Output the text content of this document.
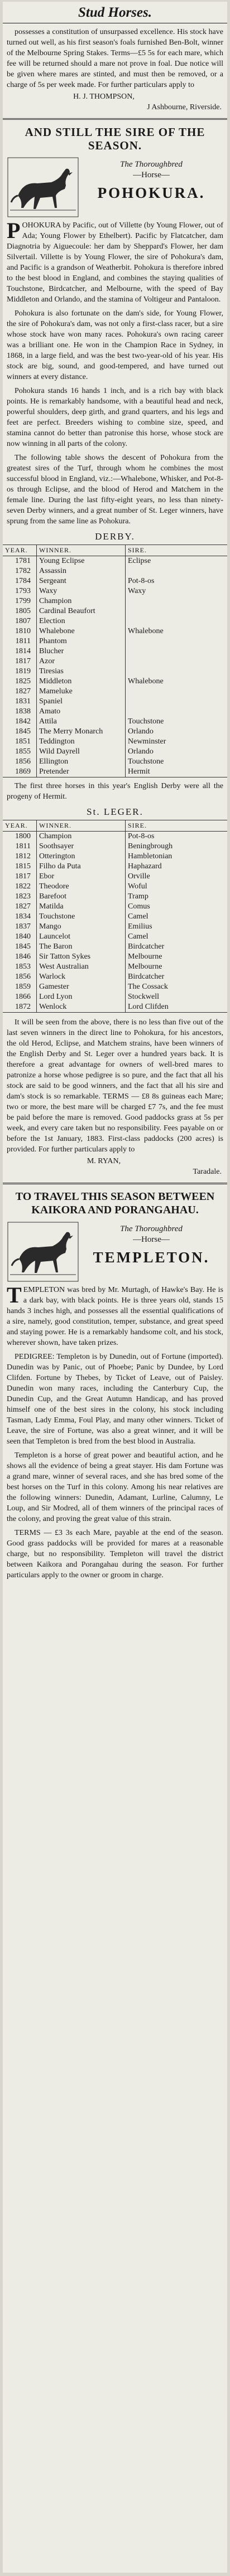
Stud Horses.

possesses a constitution of unsurpassed excellence. His stock have turned out well, as his first season's foals furnished Ben-Bolt, winner of the Melbourne Spring Stakes. Terms—£5 5s for each mare, which fee will be returned should a mare not prove in foal. Due notice will be given where mares are stinted, and must then be removed, or a charge of 5s per week made. For further particulars apply to

H. J. THOMPSON,
J Ashbourne, Riverside.
AND STILL THE SIRE OF THE SEASON.
The Thoroughbred
—Horse—
POHOKURA.
P OHOKURA by Pacific, out of Villette (by Young Flower, out of Ada; Young Flower by Ethelbert). Pacific by Flatcatcher, dam Diagnotria by Aiguecoule: her dam by Sheppard's Flower, her dam Silvertail. Villette is by Young Flower, the sire of Pohokura's dam, and Pacific is a grandson of Weatherbit. Pohokura is therefore inbred to the best blood in England, and combines the staying qualities of Touchstone, Birdcatcher, and Melbourne, with the speed of Bay Middleton and Orlando, and the stamina of Voltigeur and Pantaloon.

Pohokura is also fortunate on the dam's side, for Young Flower, the sire of Pohokura's dam, was not only a first-class racer, but a sire whose stock have won many races. Pohokura's own racing career was a brilliant one. He won in the Champion Race in Sydney, in 1868, in a large field, and was the best two-year-old of his year. His stock are big, sound, and good-tempered, and have turned out winners at every distance.

Pohokura stands 16 hands 1 inch, and is a rich bay with black points. He is remarkably handsome, with a beautiful head and neck, powerful shoulders, deep girth, and grand quarters, and his legs and feet are perfect. Breeders wishing to combine size, speed, and stamina cannot do better than patronise this horse, whose stock are now winning in all parts of the colony.

The following table shows the descent of Pohokura from the greatest sires of the Turf, through whom he combines the most successful blood in England, viz.:—Whalebone, Whisker, and Pot-8-os through Eclipse, and the blood of Herod and Matchem in the female line. During the last fifty-eight years, no less than ninety-seven Derby winners, and a great number of St. Leger winners, have sprung from the same line as Pohokura.

DERBY.
YEAR.	WINNER.	SIRE.
1781	Young Eclipse	Eclipse
1782	Assassin	
1784	Sergeant	Pot-8-os
1793	Waxy	Waxy
1799	Champion	
1805	Cardinal Beaufort	
1807	Election	
1810	Whalebone	Whalebone
1811	Phantom	
1814	Blucher	
1817	Azor	
1819	Tiresias	
1825	Middleton	Whalebone
1827	Mameluke	
1831	Spaniel	
1838	Amato	
1842	Attila	Touchstone
1845	The Merry Monarch	Orlando
1851	Teddington	Newminster
1855	Wild Dayrell	Orlando
1856	Ellington	Touchstone
1869	Pretender	Hermit

The first three horses in this year's English Derby were all the progeny of Hermit.

St. LEGER.
YEAR.	WINNER.	SIRE.
1800	Champion	Pot-8-os
1811	Soothsayer	Beningbrough
1812	Otterington	Hambletonian
1815	Filho da Puta	Haphazard
1817	Ebor	Orville
1822	Theodore	Woful
1823	Barefoot	Tramp
1827	Matilda	Comus
1834	Touchstone	Camel
1837	Mango	Emilius
1840	Launcelot	Camel
1845	The Baron	Birdcatcher
1846	Sir Tatton Sykes	Melbourne
1853	West Australian	Melbourne
1856	Warlock	Birdcatcher
1859	Gamester	The Cossack
1866	Lord Lyon	Stockwell
1872	Wenlock	Lord Clifden

It will be seen from the above, there is no less than five out of the last seven winners in the direct line to Pohokura, for his ancestors, the old Herod, Eclipse, and Matchem strains, have been winners of the English Derby and St. Leger over a hundred years back. It is therefore a great advantage for owners of well-bred mares to patronize a horse whose pedigree is so pure, and the fact that all his stock are said to be good winners, and the fact that all his sire and dam's stock is so remarkable. TERMS — £8 8s guineas each Mare; two or more, the best mare will be charged £7 7s, and the fee must be paid before the mare is removed. Good paddocks grass at 5s per week, and every care taken but no responsibility. Fees payable on or before the 1st January, 1883. First-class paddocks (200 acres) is provided. For further particulars apply to

M. RYAN,
Taradale.
TO TRAVEL THIS SEASON BETWEEN KAIKORA AND PORANGAHAU.
The Thoroughbred
—Horse—
TEMPLETON.
T EMPLETON was bred by Mr. Murtagh, of Hawke's Bay. He is a dark bay, with black points. He is three years old, stands 15 hands 3 inches high, and possesses all the essential qualifications of a sire, namely, good constitution, temper, substance, and great speed and staying power. He is a remarkably handsome colt, and his stock, wherever shown, have taken prizes.

PEDIGREE: Templeton is by Dunedin, out of Fortune (imported). Dunedin was by Panic, out of Phoebe; Panic by Dundee, by Lord Clifden. Fortune by Thebes, by Ticket of Leave, out of Paisley. Dunedin won many races, including the Canterbury Cup, the Dunedin Cup, and the Great Autumn Handicap, and has proved himself one of the best sires in the colony, his stock including Tasman, Lady Emma, Foul Play, and many other winners. Ticket of Leave, the sire of Fortune, was also a great winner, and it will be seen that Templeton is bred from the best blood in Australia.

Templeton is a horse of great power and beautiful action, and he shows all the evidence of being a great stayer. His dam Fortune was a grand mare, winner of several races, and she has bred some of the best horses on the Turf in this colony. Among his near relatives are the following winners: Dunedin, Adamant, Lurline, Calumny, Le Loup, and Sir Modred, all of them winners of the principal races of the colony, and proving the great value of this strain.

TERMS — £3 3s each Mare, payable at the end of the season. Good grass paddocks will be provided for mares at a reasonable charge, but no responsibility. Templeton will travel the district between Kaikora and Porangahau during the season. For further particulars apply to the owner or groom in charge.
